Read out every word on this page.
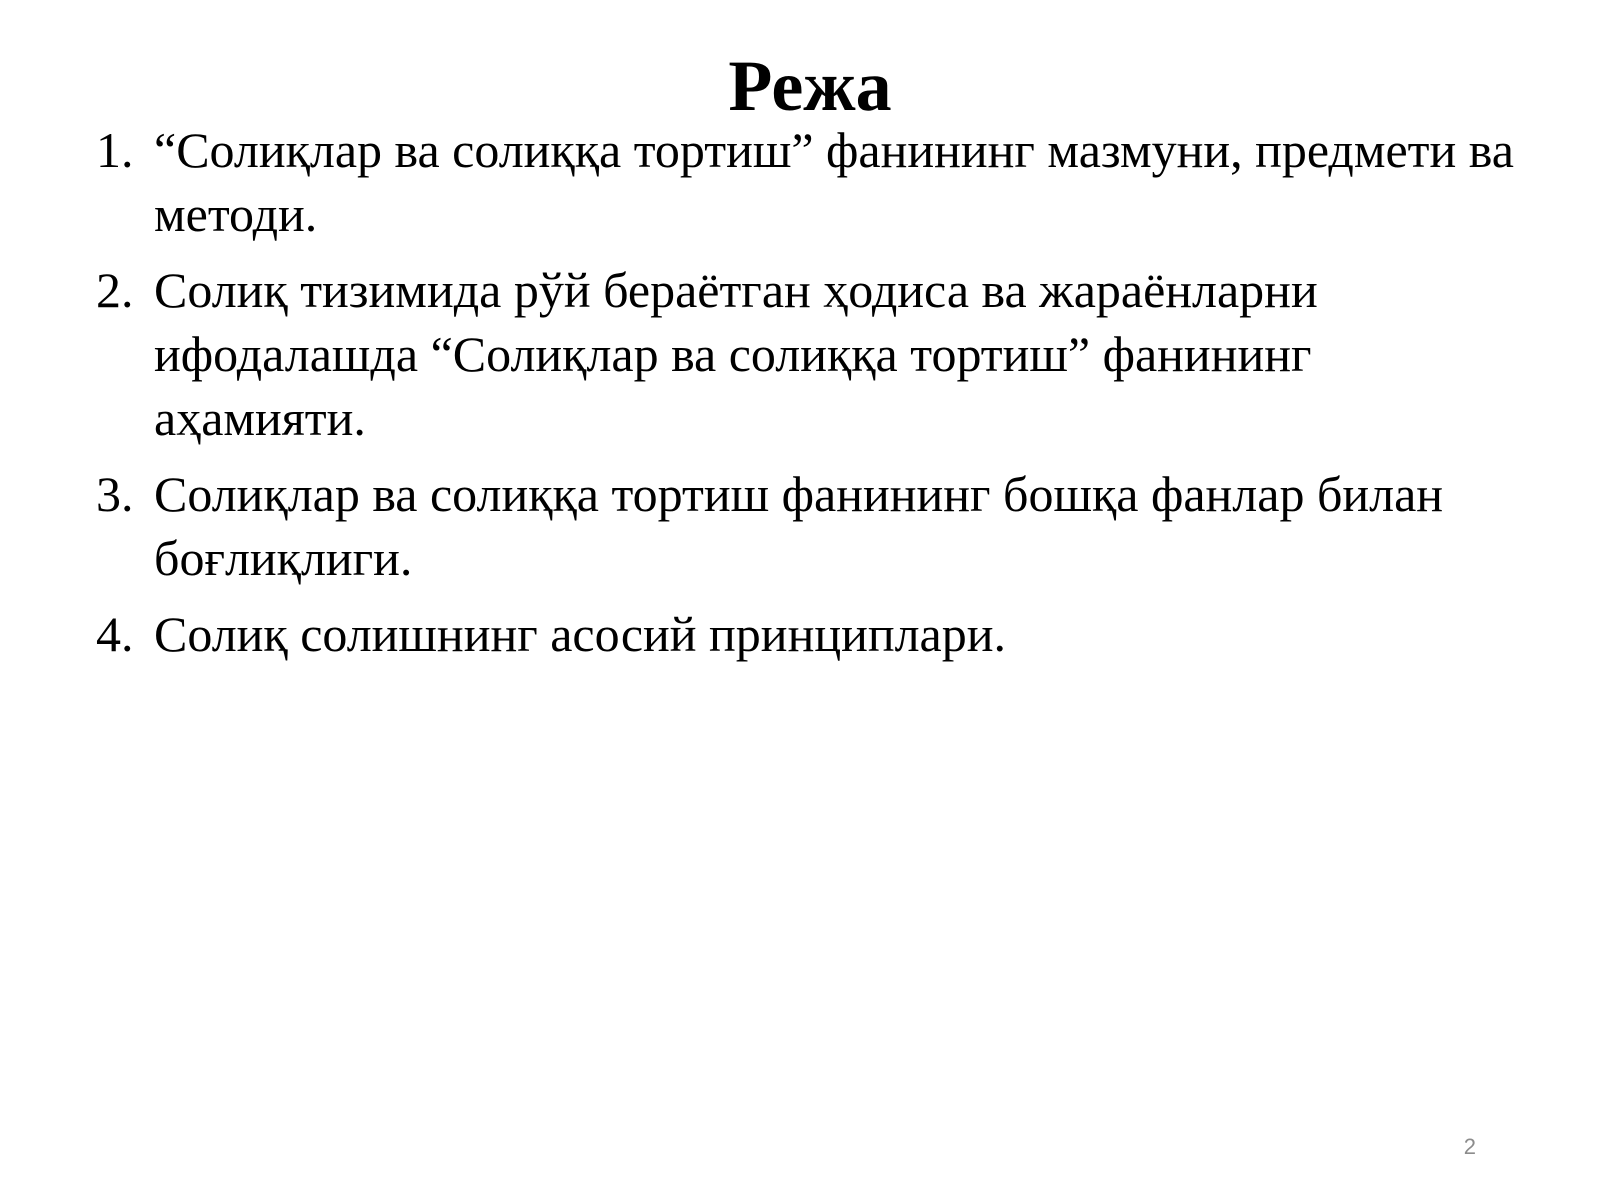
Режа
1. “Солиқлар ва солиққа тортиш” фанининг мазмуни, предмети ва методи.
2. Солиқ тизимида рўй бераётган ҳодиса ва жараёнларни ифодалашда “Солиқлар ва солиққа тортиш” фанининг аҳамияти.
3. Солиқлар ва солиққа тортиш фанининг бошқа фанлар билан боғлиқлиги.
4. Солиқ солишнинг асосий принциплари.
2
